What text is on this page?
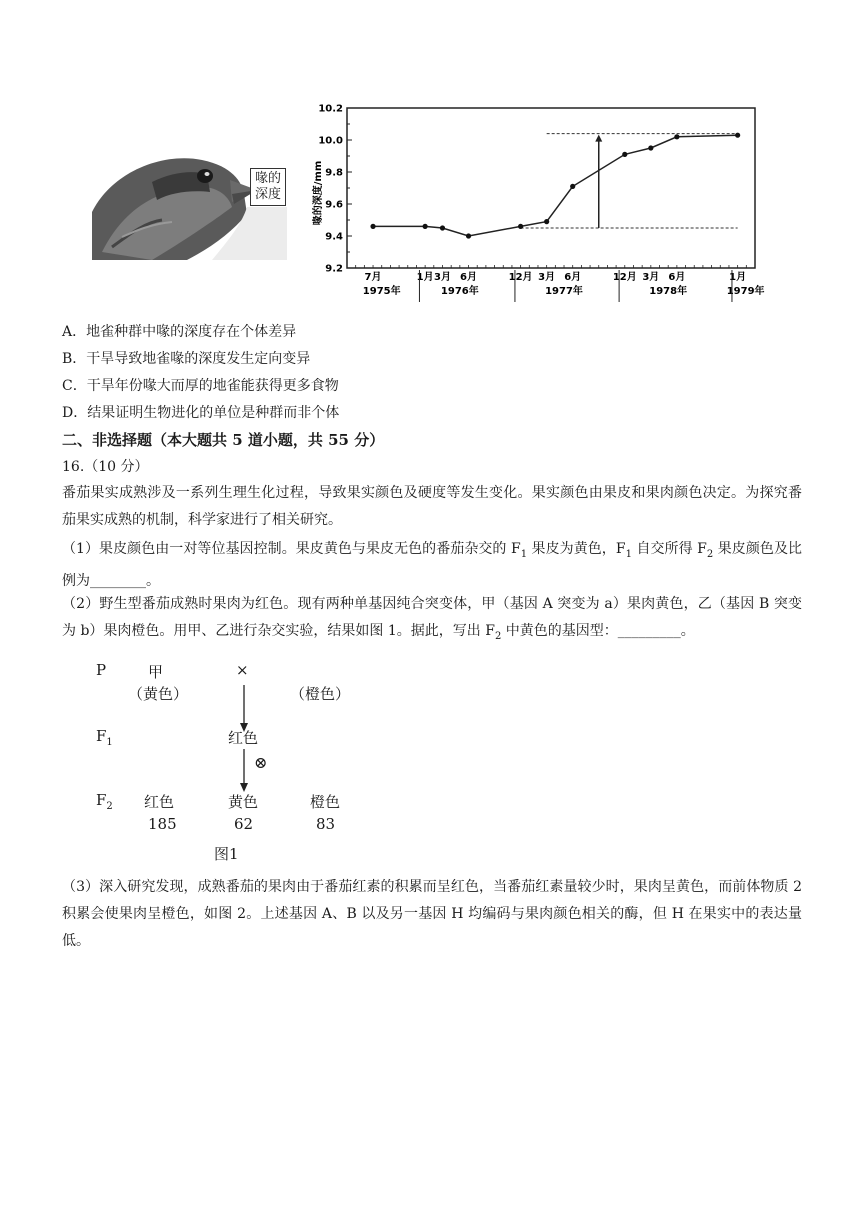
喙的
深度	喙的深度/mm
9.2
9.4
9.6
9.8
10.0
10.2
7月	1月 3月 6月	12月 3月 6月	12月 3月 6月	1月
1975年	1976年	1977年	1978年	1979年
A．地雀种群中喙的深度存在个体差异
B．干旱导致地雀喙的深度发生定向变异
C．干旱年份喙大而厚的地雀能获得更多食物
D．结果证明生物进化的单位是种群而非个体
二、非选择题（本大题共 5 道小题，共 55 分）
16.（10 分）
番茄果实成熟涉及一系列生理生化过程，导致果实颜色及硬度等发生变化。果实颜色由果皮和果肉颜色决定。为探究番茄果实成熟的机制，科学家进行了相关研究。
（1）果皮颜色由一对等位基因控制。果皮黄色与果皮无色的番茄杂交的 $F_1$ 果皮为黄色，$F_1$ 自交所得 $F_2$ 果皮颜色及比例为________。
（2）野生型番茄成熟时果肉为红色。现有两种单基因纯合突变体，甲（基因 A 突变为 a）果肉黄色，乙（基因 B 突变为 b）果肉橙色。用甲、乙进行杂交实验，结果如图 1。据此，写出 $F_2$ 中黄色的基因型：_________。
P	甲
（黄色）
×
（橙色）
$F_1$	红色
⊗
$F_2$ 红色
185
黄色
62
橙色
83
图1
（3）深入研究发现，成熟番茄的果肉由于番茄红素的积累而呈红色，当番茄红素量较少时，果肉呈黄色，而前体物质 2 积累会使果肉呈橙色，如图 2。上述基因 A、B 以及另一基因 H 均编码与果肉颜色相关的酶，但 H 在果实中的表达量低。
